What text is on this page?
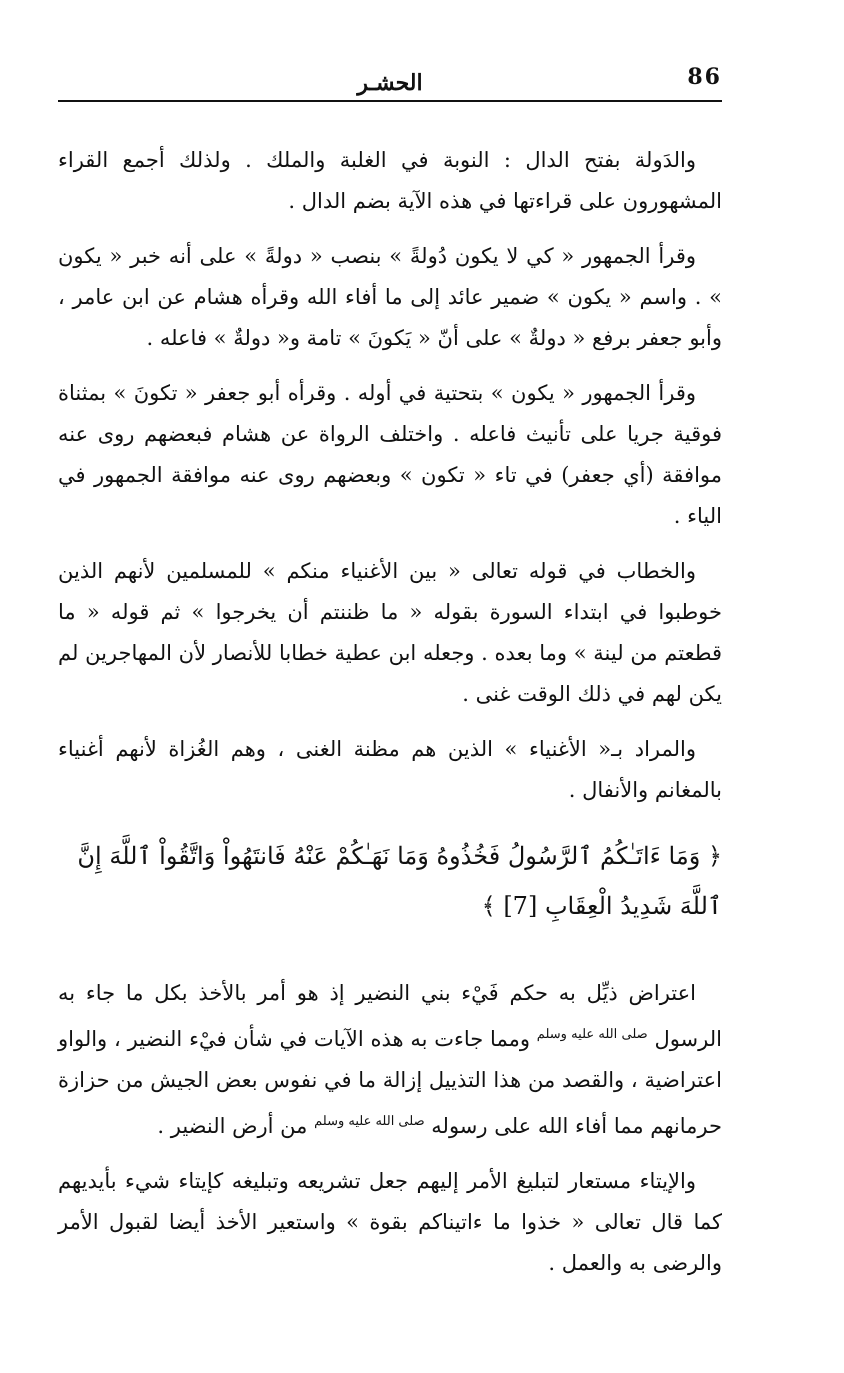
86
الحشـر

والدَولة بفتح الدال : النوبة في الغلبة والملك . ولذلك أجمع القراء المشهورون على قراءتها في هذه الآية بضم الدال .

وقرأ الجمهور « كي لا يكون دُولةً » بنصب « دولةً » على أنه خبر « يكون » . واسم « يكون » ضمير عائد إلى ما أفاء الله وقرأه هشام عن ابن عامر ، وأبو جعفر برفع « دولةٌ » على أنّ « يَكونَ » تامة و« دولةٌ » فاعله .

وقرأ الجمهور « يكون » بتحتية في أوله . وقرأه أبو جعفر « تكونَ » بمثناة فوقية جريا على تأنيث فاعله . واختلف الرواة عن هشام فبعضهم روى عنه موافقة (أي جعفر) في تاء « تكون » وبعضهم روى عنه موافقة الجمهور في الياء .

والخطاب في قوله تعالى « بين الأغنياء منكم » للمسلمين لأنهم الذين خوطبوا في ابتداء السورة بقوله « ما ظننتم أن يخرجوا » ثم قوله « ما قطعتم من لينة » وما بعده . وجعله ابن عطية خطابا للأنصار لأن المهاجرين لم يكن لهم في ذلك الوقت غنى .

والمراد بـ« الأغنياء » الذين هم مظنة الغنى ، وهم الغُزاة لأنهم أغنياء بالمغانم والأنفال .

﴿ وَمَا ءَاتَـٰكُمُ ٱلرَّسُولُ فَخُذُوهُ وَمَا نَهَـٰكُمْ عَنْهُ فَانتَهُواْ وَاتَّقُواْ ٱللَّهَ إِنَّ ٱللَّهَ شَدِيدُ الْعِقَابِ [7] ﴾

اعتراض ذيِّل به حكم فَيْء بني النضير إذ هو أمر بالأخذ بكل ما جاء به الرسول $^{صلى الله عليه وسلم}$ ومما جاءت به هذه الآيات في شأن فيْء النضير ، والواو اعتراضية ، والقصد من هذا التذييل إزالة ما في نفوس بعض الجيش من حزازة حرمانهم مما أفاء الله على رسوله $^{صلى الله عليه وسلم}$ من أرض النضير .

والإيتاء مستعار لتبليغ الأمر إليهم جعل تشريعه وتبليغه كإيتاء شيء بأيديهم كما قال تعالى « خذوا ما ءاتيناكم بقوة » واستعير الأخذ أيضا لقبول الأمر والرضى به والعمل .
